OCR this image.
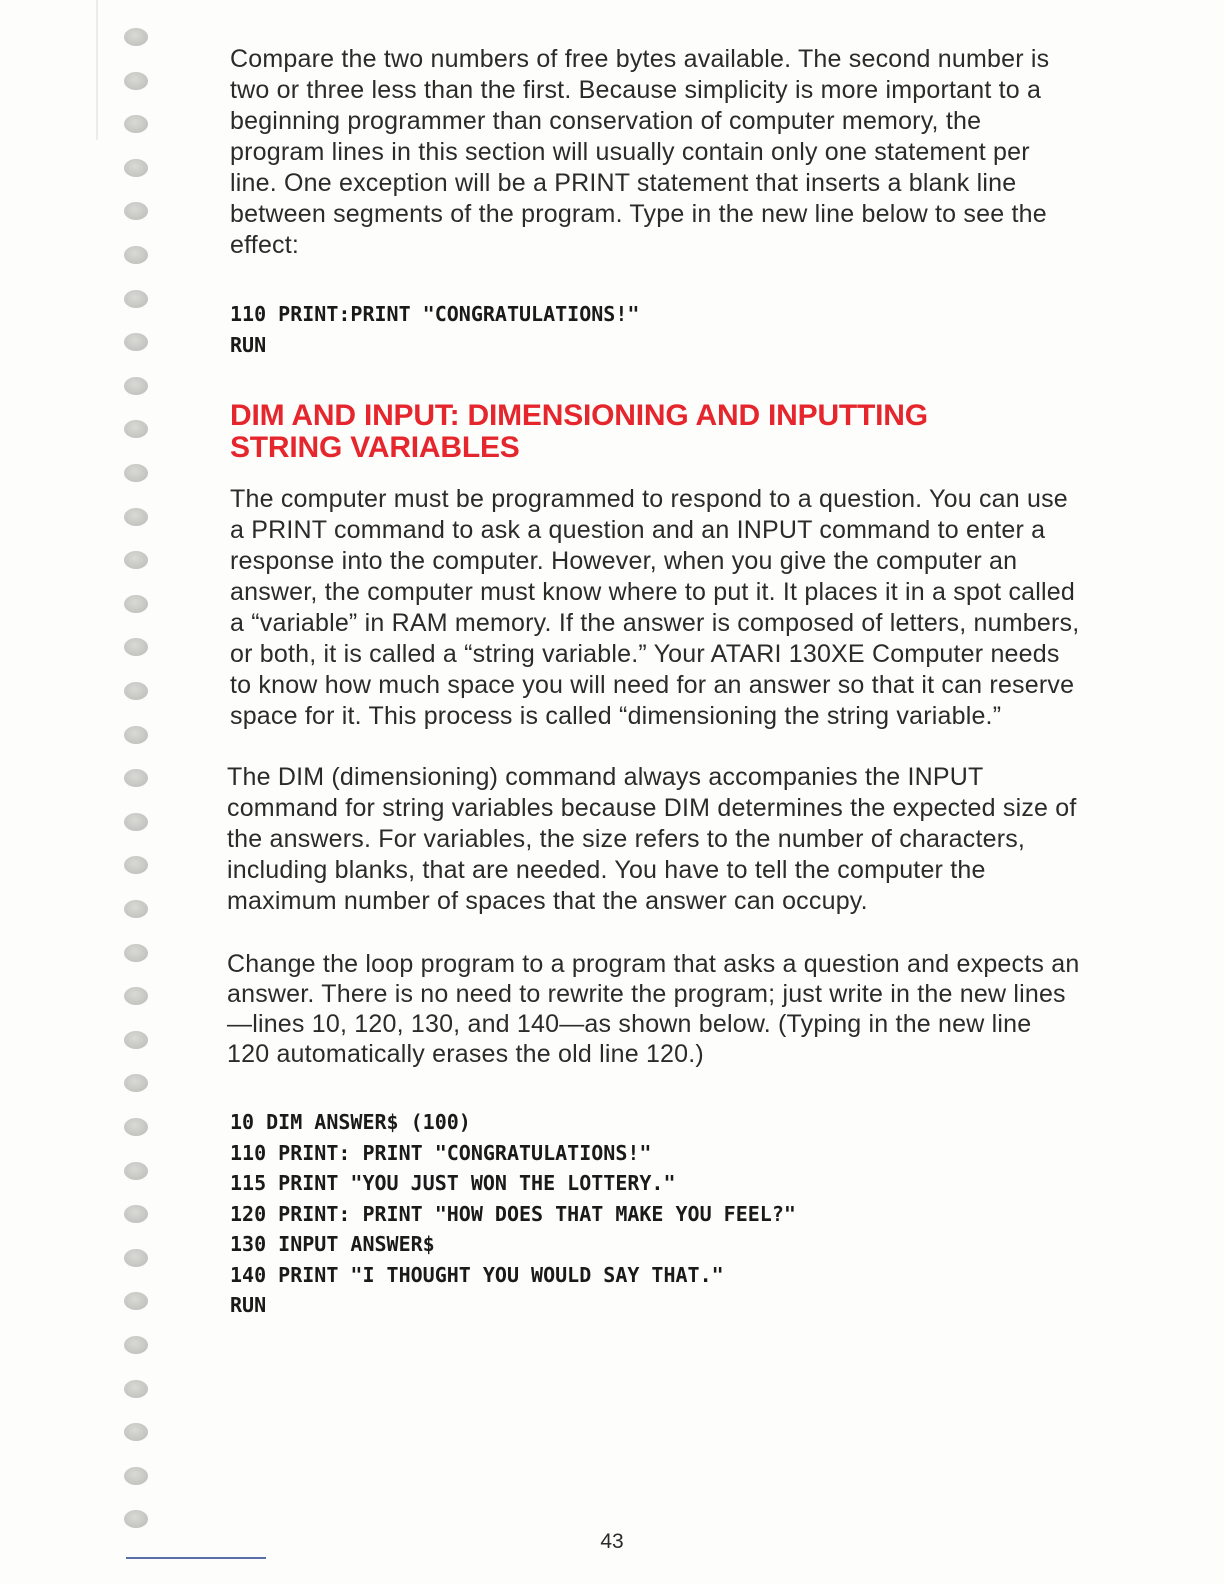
Compare the two numbers of free bytes available. The second number is two or three less than the first. Because simplicity is more important to a beginning programmer than conservation of computer memory, the program lines in this section will usually contain only one statement per line. One exception will be a PRINT statement that inserts a blank line between segments of the program. Type in the new line below to see the effect:

110 PRINT:PRINT "CONGRATULATIONS!"
RUN
DIM AND INPUT: DIMENSIONING AND INPUTTING
STRING VARIABLES

The computer must be programmed to respond to a question. You can use a PRINT command to ask a question and an INPUT command to enter a response into the computer. However, when you give the computer an answer, the computer must know where to put it. It places it in a spot called a “variable” in RAM memory. If the answer is composed of letters, numbers, or both, it is called a “string variable.” Your ATARI 130XE Computer needs to know how much space you will need for an answer so that it can reserve space for it. This process is called “dimensioning the string variable.”

The DIM (dimensioning) command always accompanies the INPUT command for string variables because DIM determines the expected size of the answers. For variables, the size refers to the number of characters, including blanks, that are needed. You have to tell the computer the maximum number of spaces that the answer can occupy.

Change the loop program to a program that asks a question and expects an answer. There is no need to rewrite the program; just write in the new lines—lines 10, 120, 130, and 140—as shown below. (Typing in the new line 120 automatically erases the old line 120.)

10 DIM ANSWER$ (100)
110 PRINT: PRINT "CONGRATULATIONS!"
115 PRINT "YOU JUST WON THE LOTTERY."
120 PRINT: PRINT "HOW DOES THAT MAKE YOU FEEL?"
130 INPUT ANSWER$
140 PRINT "I THOUGHT YOU WOULD SAY THAT."
RUN
43
